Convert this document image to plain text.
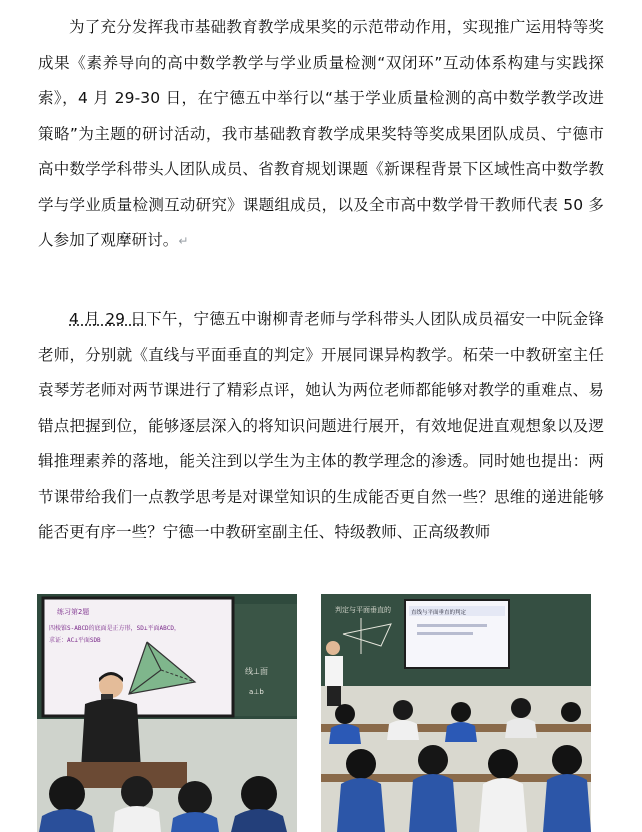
为了充分发挥我市基础教育教学成果奖的示范带动作用，实现推广运用特等奖成果《素养导向的高中数学教学与学业质量检测“双闭环”互动体系构建与实践探索》，4 月 29-30 日，在宁德五中举行以“基于学业质量检测的高中数学教学改进策略”为主题的研讨活动，我市基础教育教学成果奖特等奖成果团队成员、宁德市高中数学学科带头人团队成员、省教育规划课题《新课程背景下区域性高中数学教学与学业质量检测互动研究》课题组成员，以及全市高中数学骨干教师代表 50 多人参加了观摩研讨。↵

4 月 29 日下午，宁德五中谢柳青老师与学科带头人团队成员福安一中阮金锋老师，分别就《直线与平面垂直的判定》开展同课异构教学。柘荣一中教研室主任袁琴芳老师对两节课进行了精彩点评，她认为两位老师都能够对教学的重难点、易错点把握到位，能够逐层深入的将知识问题进行展开，有效地促进直观想象以及逻辑推理素养的落地，能关注到以学生为主体的教学理念的渗透。同时她也提出：两节课带给我们一点教学思考是对课堂知识的生成能否更自然一些？思维的递进能够能否更有序一些？宁德一中教研室副主任、特级教师、正高级教师

练习第2题
四棱锥S-ABCD的底面是正方形，SD⊥平面ABCD，
求证：AC⊥平面SDB
线⊥面
a⊥b
判定与平面垂直的	直线与平面垂直的判定
